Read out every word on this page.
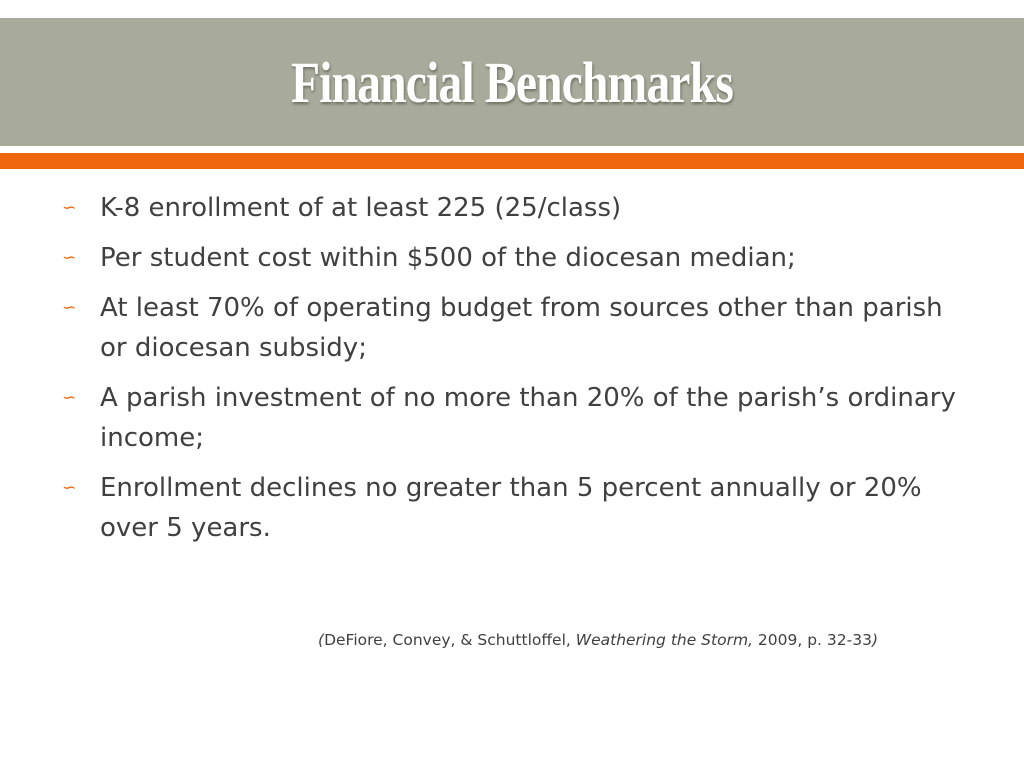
Financial Benchmarks
∽ K-8 enrollment of at least 225 (25/class)
∽ Per student cost within $500 of the diocesan median;
∽ At least 70% of operating budget from sources other than parish or diocesan subsidy;
∽ A parish investment of no more than 20% of the parish’s ordinary income;
∽ Enrollment declines no greater than 5 percent annually or 20% over 5 years.
(DeFiore, Convey, & Schuttloffel, Weathering the Storm, 2009, p. 32-33)
